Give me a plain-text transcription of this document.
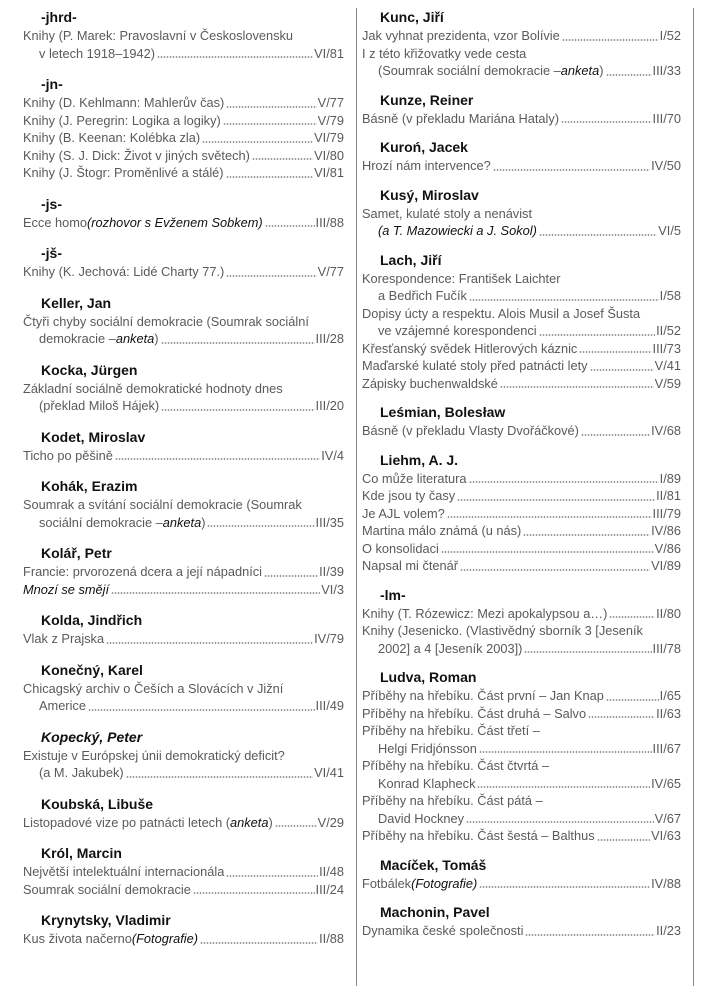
-jhrd-
Knihy (P. Marek: Pravoslavní v Československu
v letech 1918–1942)	VI/81
-jn-
Knihy (D. Kehlmann: Mahlerův čas)	V/77
Knihy (J. Peregrin: Logika a logiky)	V/79
Knihy (B. Keenan: Kolébka zla)	VI/79
Knihy (S. J. Dick: Život v jiných světech)	VI/80
Knihy (J. Štogr: Proměnlivé a stálé)	VI/81
-js-
Ecce homo (rozhovor s Evženem Sobkem)	III/88
-jš-
Knihy (K. Jechová: Lidé Charty 77.)	V/77
Keller, Jan
Čtyři chyby sociální demokracie (Soumrak sociální
demokracie – anketa )	III/28
Kocka, Jürgen
Základní sociálně demokratické hodnoty dnes
(překlad Miloš Hájek)	III/20
Kodet, Miroslav
Ticho po pěšině	IV/4
Kohák, Erazim
Soumrak a svítání sociální demokracie (Soumrak
sociální demokracie – anketa )	III/35
Kolář, Petr
Francie: prvorozená dcera a její nápadníci	II/39
Mnozí se smějí	VI/3
Kolda, Jindřich
Vlak z Prajska	IV/79
Konečný, Karel
Chicagský archiv o Češích a Slovácích v Jižní
Americe	III/49
Kopecký, Peter
Existuje v Európskej únii demokratický deficit?
(a M. Jakubek)	VI/41
Koubská, Libuše
Listopadové vize po patnácti letech ( anketa )	V/29
Król, Marcin
Největší intelektuální internacionála	II/48
Soumrak sociální demokracie	III/24
Krynytsky, Vladimir
Kus života načerno (Fotografie)	II/88
Kunc, Jiří
Jak vyhnat prezidenta, vzor Bolívie	I/52
I z této křižovatky vede cesta
(Soumrak sociální demokracie – anketa )	III/33
Kunze, Reiner
Básně (v překladu Mariána Hataly)	III/70
Kuroń, Jacek
Hrozí nám intervence?	IV/50
Kusý, Miroslav
Samet, kulaté stoly a nenávist
(a T. Mazowiecki a J. Sokol)	VI/5
Lach, Jiří
Korespondence: František Laichter
a Bedřich Fučík	I/58
Dopisy úcty a respektu. Alois Musil a Josef Šusta
ve vzájemné korespondenci	II/52
Křesťanský svědek Hitlerových káznic	III/73
Maďarské kulaté stoly před patnácti lety	V/41
Zápisky buchenwaldské	V/59
Leśmian, Bolesław
Básně (v překladu Vlasty Dvořáčkové)	IV/68
Liehm, A. J.
Co může literatura	I/89
Kde jsou ty časy	II/81
Je AJL volem?	III/79
Martina málo známá (u nás)	IV/86
O konsolidaci	V/86
Napsal mi čtenář	VI/89
-lm-
Knihy (T. Rózewicz: Mezi apokalypsou a…)	II/80
Knihy (Jesenicko. (Vlastivědný sborník 3 [Jeseník
2002] a 4 [Jeseník 2003])	III/78
Ludva, Roman
Příběhy na hřebíku. Část první – Jan Knap	I/65
Příběhy na hřebíku. Část druhá – Salvo	II/63
Příběhy na hřebíku. Část třetí –
Helgi Fridjónsson	III/67
Příběhy na hřebíku. Část čtvrtá –
Konrad Klapheck	IV/65
Příběhy na hřebíku. Část pátá –
David Hockney	V/67
Příběhy na hřebíku. Část šestá – Balthus	VI/63
Macíček, Tomáš
Fotbálek (Fotografie)	IV/88
Machonin, Pavel
Dynamika české společnosti	II/23
